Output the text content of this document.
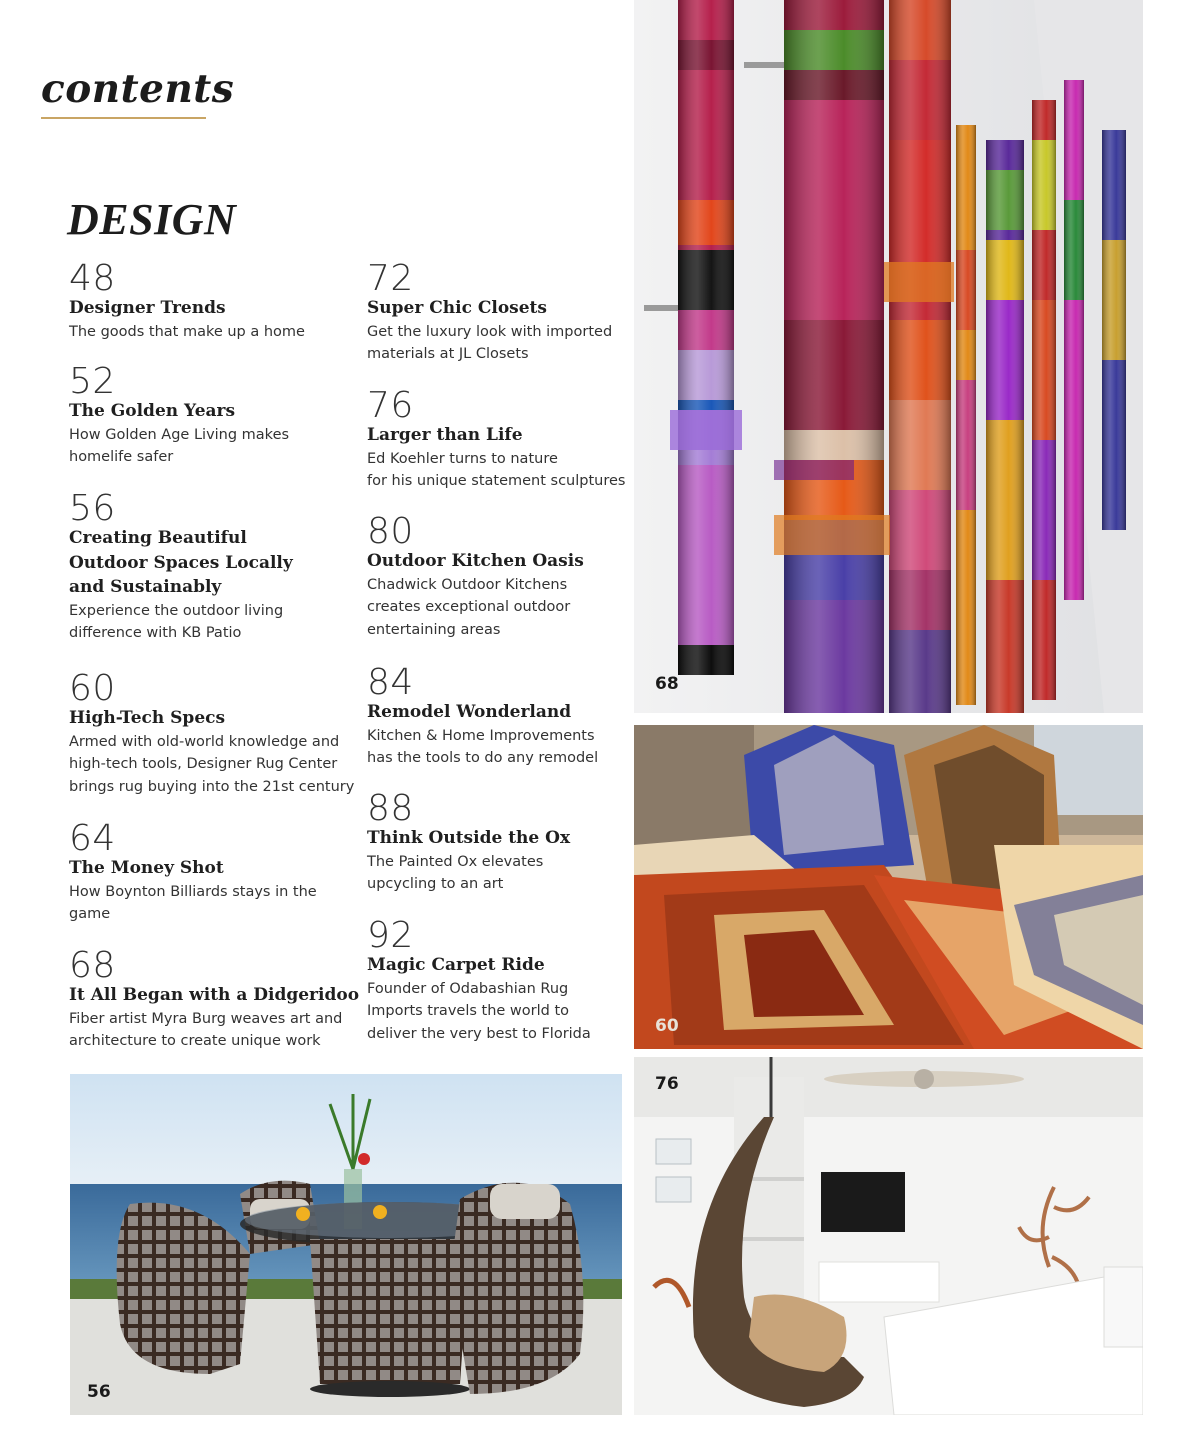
contents
DESIGN
48
Designer Trends
The goods that make up a home
52
The Golden Years
How Golden Age Living makes
homelife safer
56
Creating Beautiful
Outdoor Spaces Locally
and Sustainably
Experience the outdoor living
difference with KB Patio
60
High-Tech Specs
Armed with old-world knowledge and
high-tech tools, Designer Rug Center
brings rug buying into the 21st century
64
The Money Shot
How Boynton Billiards stays in the
game
68
It All Began with a Didgeridoo
Fiber artist Myra Burg weaves art and
architecture to create unique work
72
Super Chic Closets
Get the luxury look with imported
materials at JL Closets
76
Larger than Life
Ed Koehler turns to nature
for his unique statement sculptures
80
Outdoor Kitchen Oasis
Chadwick Outdoor Kitchens
creates exceptional outdoor
entertaining areas
84
Remodel Wonderland
Kitchen & Home Improvements
has the tools to do any remodel
88
Think Outside the Ox
The Painted Ox elevates
upcycling to an art
92
Magic Carpet Ride
Founder of Odabashian Rug
Imports travels the world to
deliver the very best to Florida
68
60
56
76
